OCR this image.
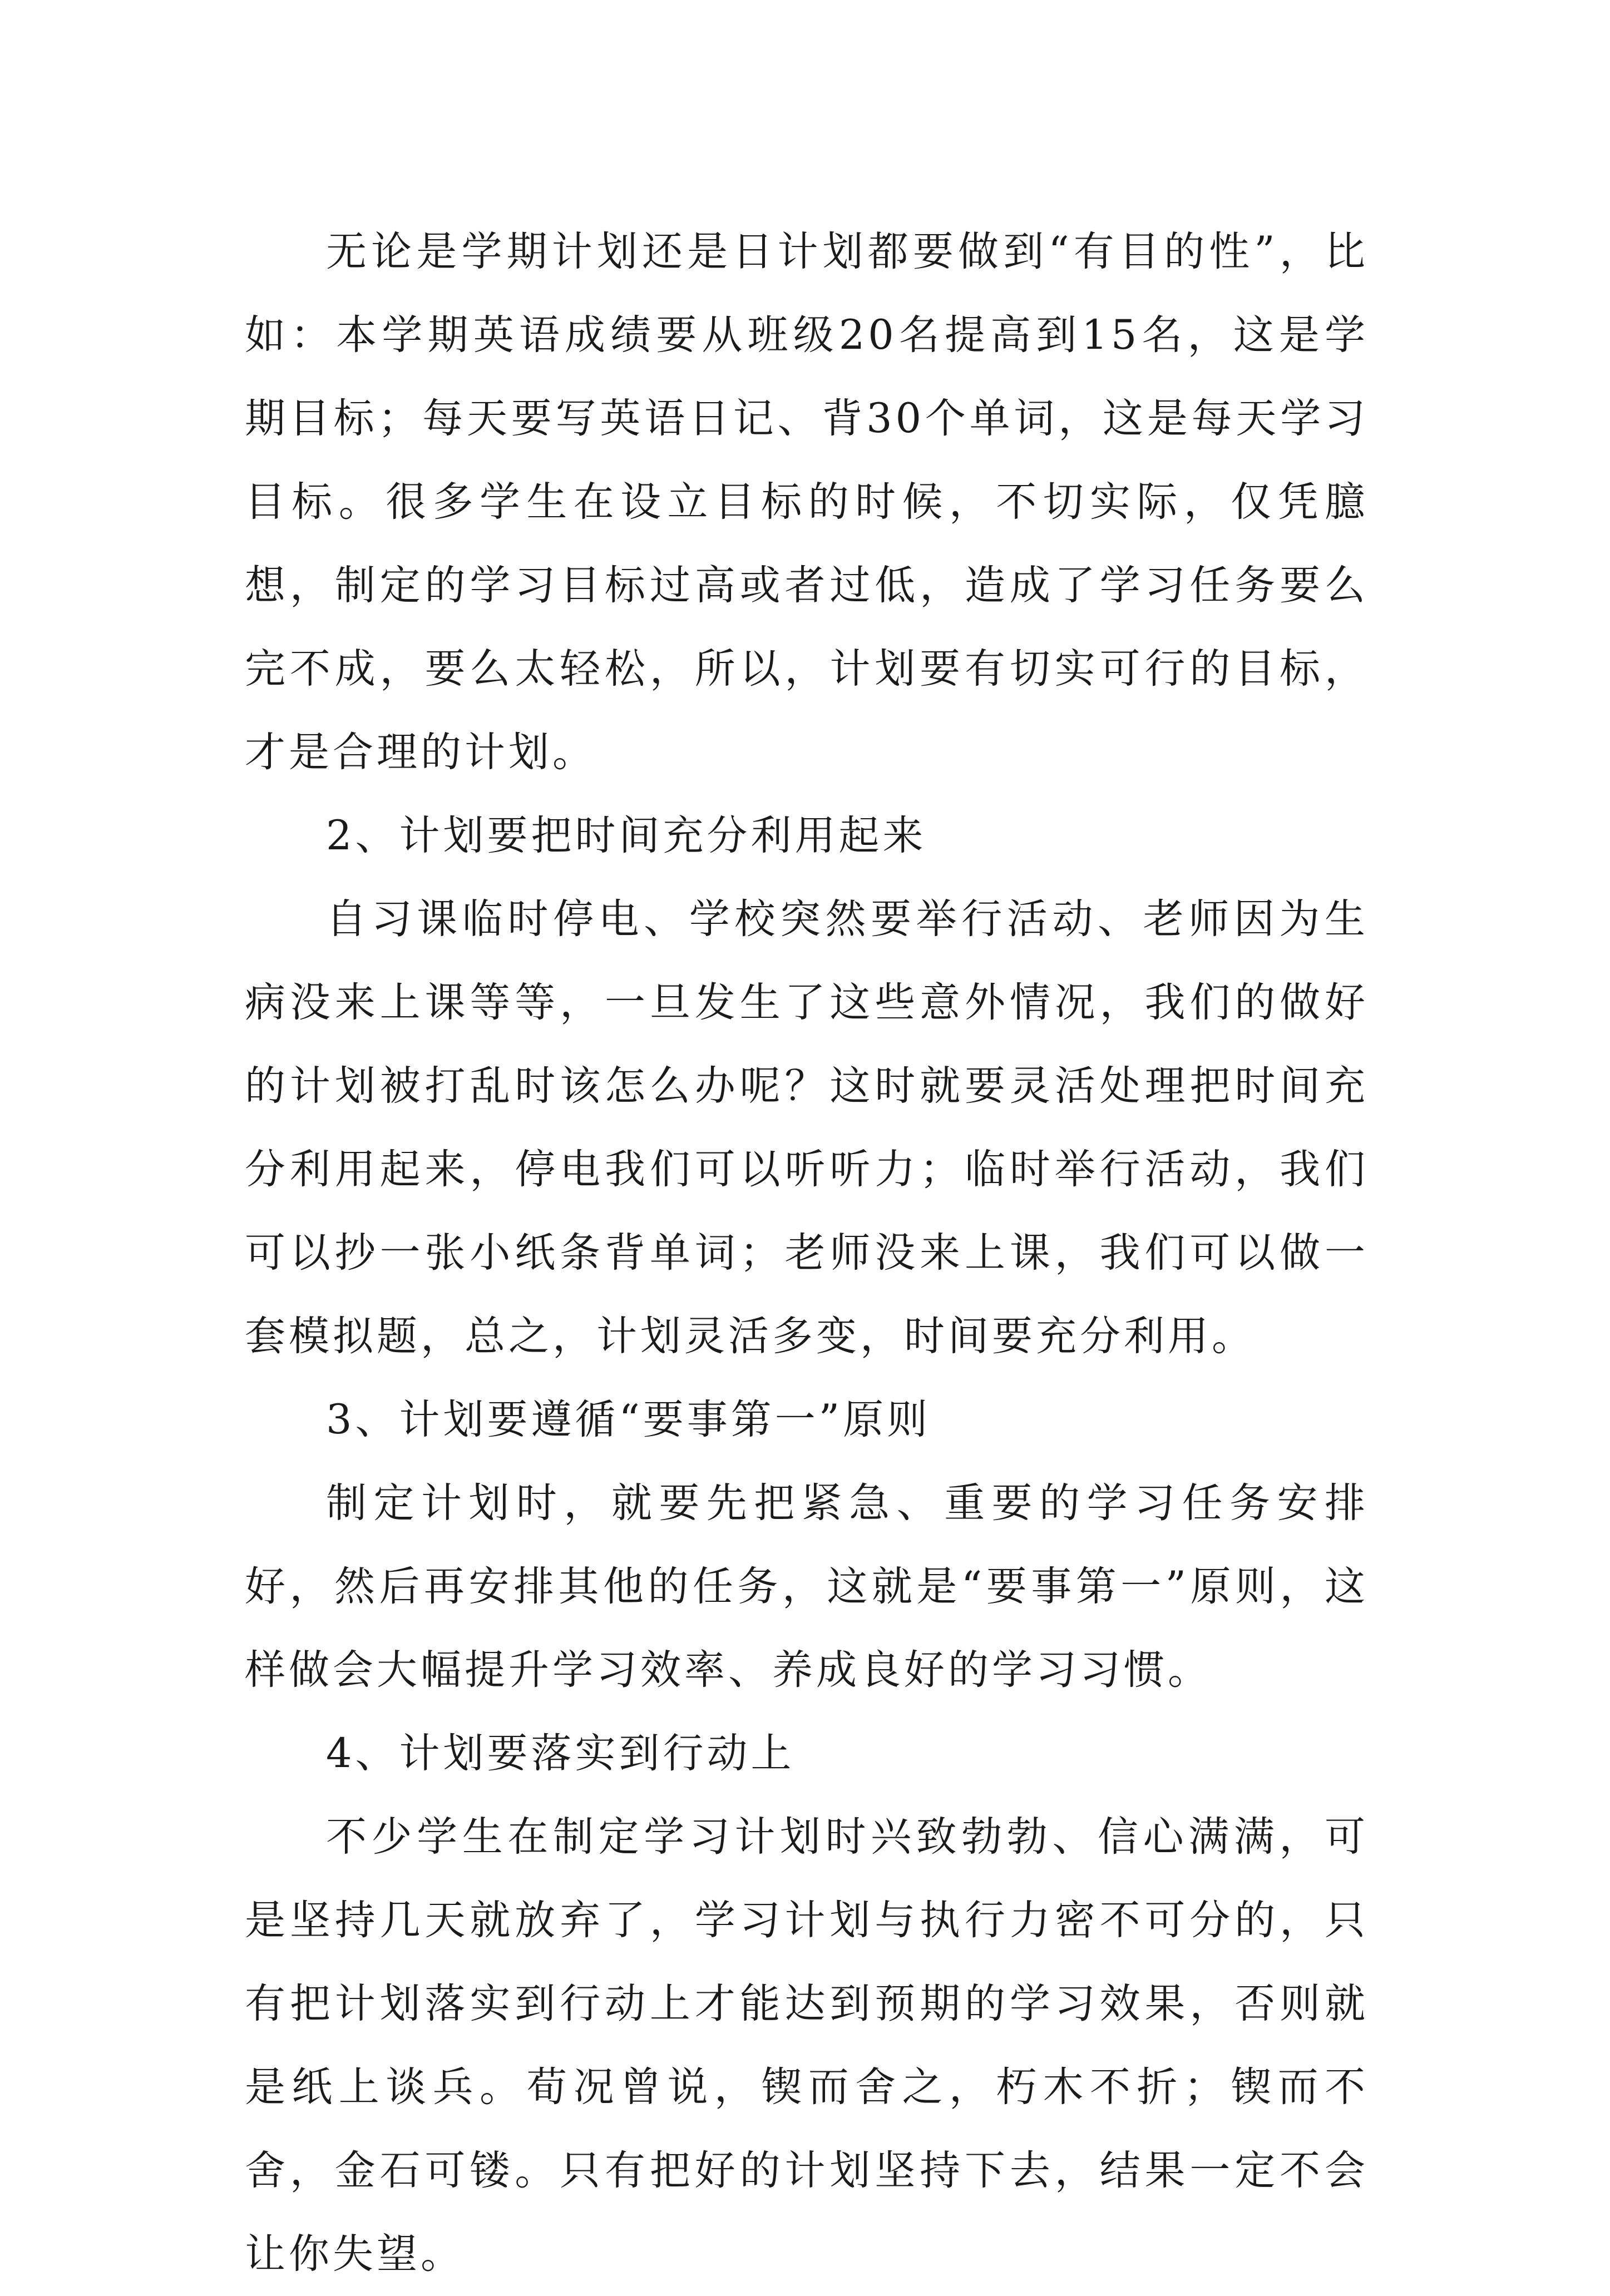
无论是学期计划还是日计划都要做到“有目的性”，比如：本学期英语成绩要从班级20名提高到15名，这是学期目标；每天要写英语日记、背30个单词，这是每天学习目标。很多学生在设立目标的时候，不切实际，仅凭臆想，制定的学习目标过高或者过低，造成了学习任务要么完不成，要么太轻松，所以，计划要有切实可行的目标，才是合理的计划。

2、计划要把时间充分利用起来

自习课临时停电、学校突然要举行活动、老师因为生病没来上课等等，一旦发生了这些意外情况，我们的做好的计划被打乱时该怎么办呢？这时就要灵活处理把时间充分利用起来，停电我们可以听听力；临时举行活动，我们可以抄一张小纸条背单词；老师没来上课，我们可以做一套模拟题，总之，计划灵活多变，时间要充分利用。

3、计划要遵循“要事第一”原则

制定计划时，就要先把紧急、重要的学习任务安排好，然后再安排其他的任务，这就是“要事第一”原则，这样做会大幅提升学习效率、养成良好的学习习惯。

4、计划要落实到行动上

不少学生在制定学习计划时兴致勃勃、信心满满，可是坚持几天就放弃了，学习计划与执行力密不可分的，只有把计划落实到行动上才能达到预期的学习效果，否则就是纸上谈兵。荀况曾说，锲而舍之，朽木不折；锲而不舍，金石可镂。只有把好的计划坚持下去，结果一定不会让你失望。
